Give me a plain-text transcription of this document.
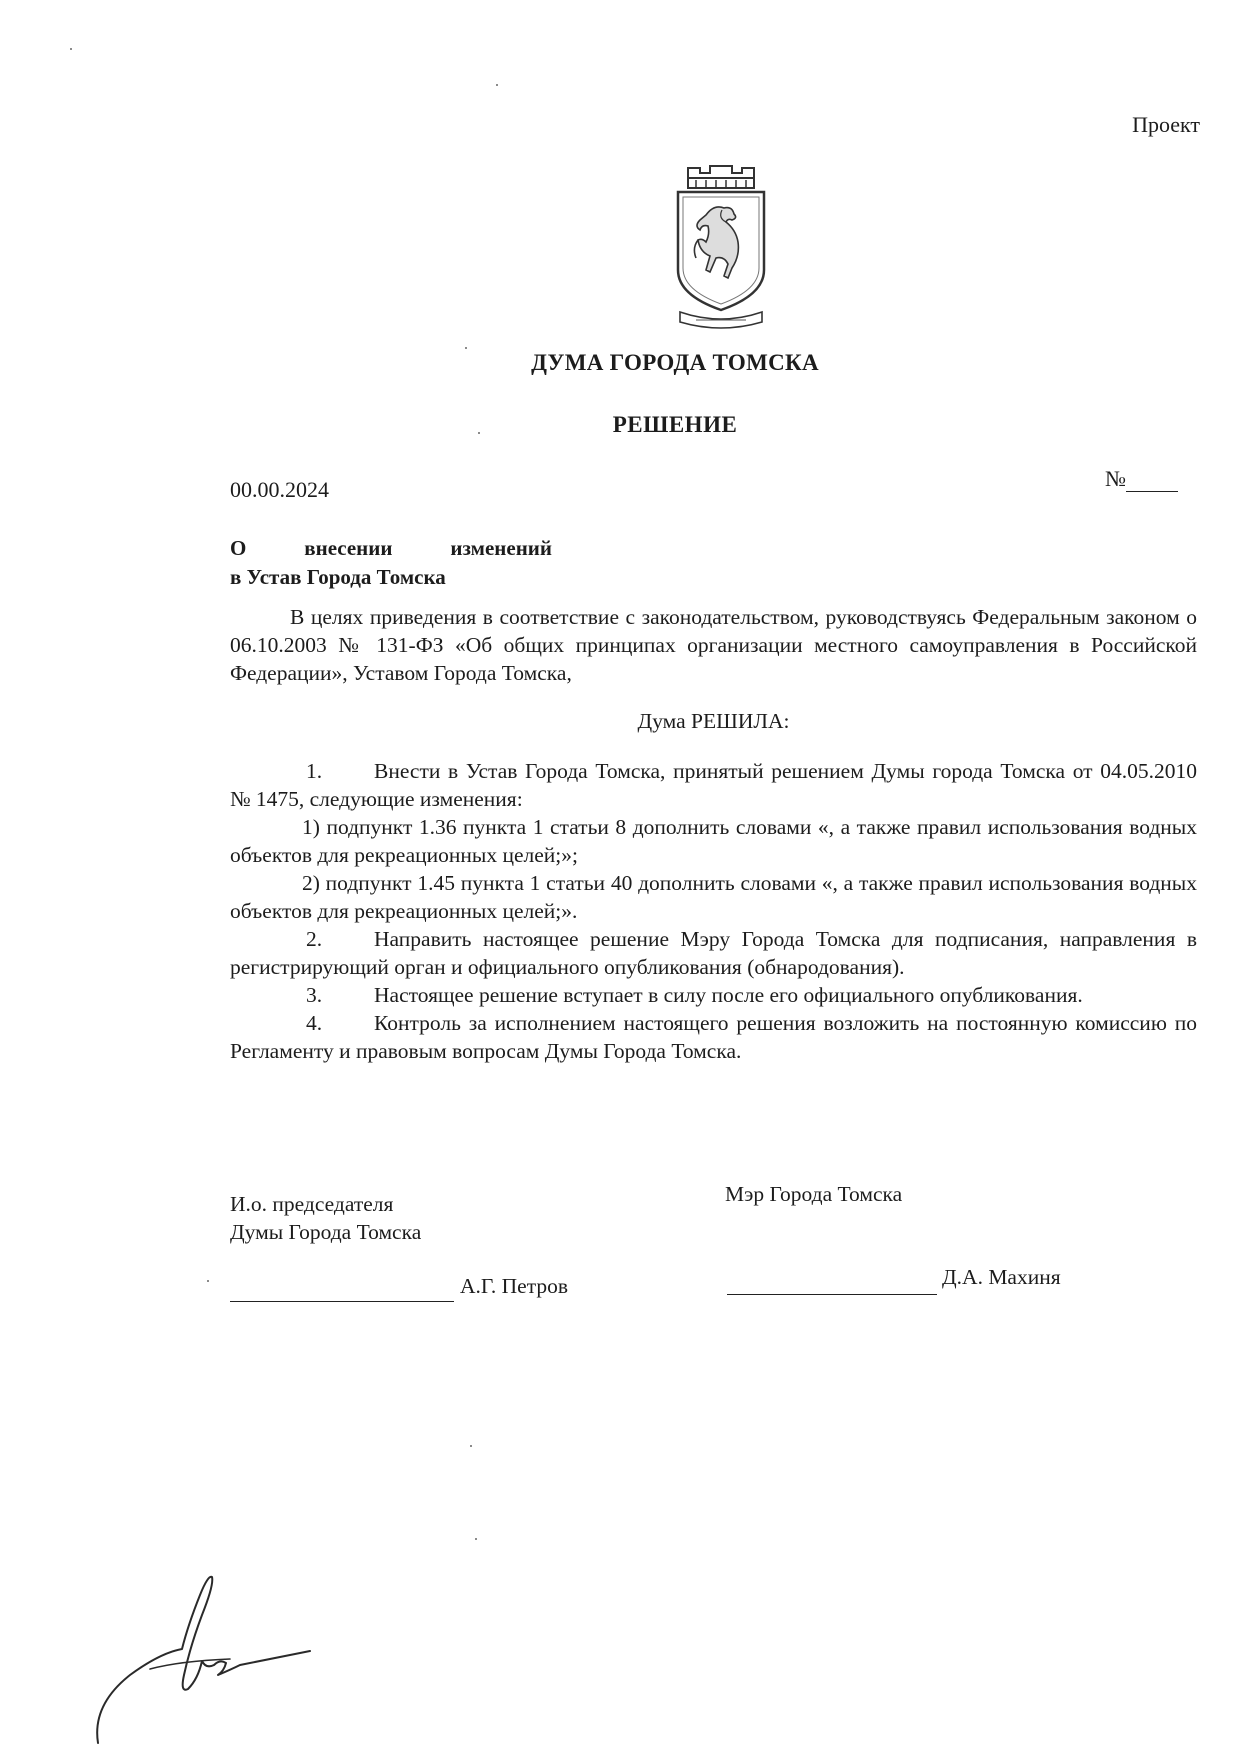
Проект
ДУМА ГОРОДА ТОМСКА
РЕШЕНИЕ
00.00.2024	№
О внесении изменений
в Устав Города Томска

В целях приведения в соответствие с законодательством, руководствуясь Федеральным законом о 06.10.2003 № 131-ФЗ «Об общих принципах организации местного самоуправления в Российской Федерации», Уставом Города Томска,

Дума РЕШИЛА:

1. Внести в Устав Города Томска, принятый решением Думы города Томска от 04.05.2010 № 1475, следующие изменения:

1) подпункт 1.36 пункта 1 статьи 8 дополнить словами «, а также правил использования водных объектов для рекреационных целей;»;

2) подпункт 1.45 пункта 1 статьи 40 дополнить словами «, а также правил использования водных объектов для рекреационных целей;».

2. Направить настоящее решение Мэру Города Томска для подписания, направления в регистрирующий орган и официального опубликования (обнародования).

3. Настоящее решение вступает в силу после его официального опубликования.

4. Контроль за исполнением настоящего решения возложить на постоянную комиссию по Регламенту и правовым вопросам Думы Города Томска.

И.о. председателя
Думы Города Томска
Мэр Города Томска
А.Г. Петров	Д.А. Махиня
